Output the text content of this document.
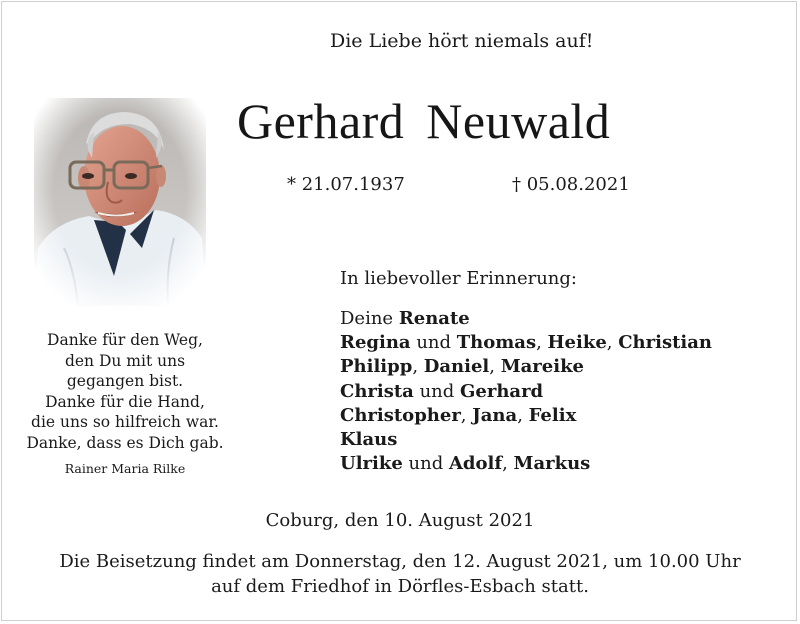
Die Liebe hört niemals auf!
Gerhard Neuwald
* 21.07.1937	† 05.08.2021
Danke für den Weg,
den Du mit uns
gegangen bist.
Danke für die Hand,
die uns so hilfreich war.
Danke, dass es Dich gab.
Rainer Maria Rilke
In liebevoller Erinnerung:
Deine Renate
Regina und Thomas, Heike, Christian
Philipp, Daniel, Mareike
Christa und Gerhard
Christopher, Jana, Felix
Klaus
Ulrike und Adolf, Markus
Coburg, den 10. August 2021
Die Beisetzung findet am Donnerstag, den 12. August 2021, um 10.00 Uhr
auf dem Friedhof in Dörfles-Esbach statt.
